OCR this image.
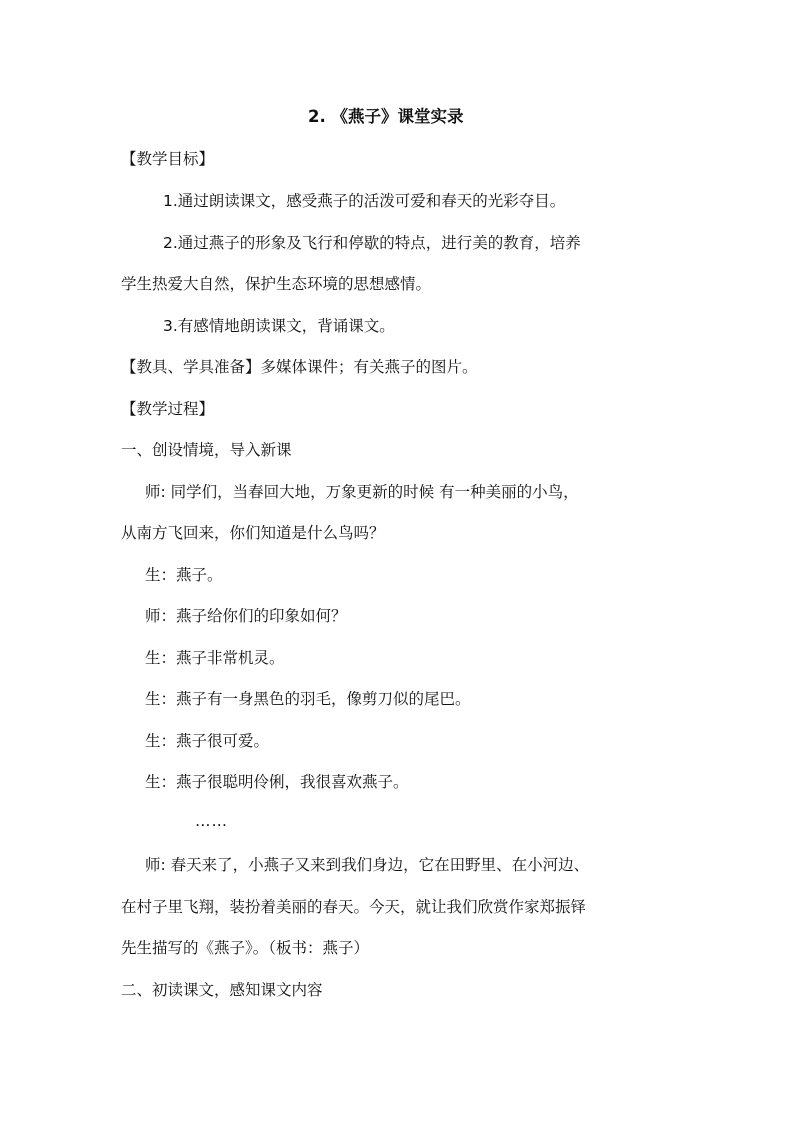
2. 《燕子》课堂实录
【教学目标】
1.通过朗读课文，感受燕子的活泼可爱和春天的光彩夺目。
2.通过燕子的形象及飞行和停歇的特点，进行美的教育，培养
学生热爱大自然，保护生态环境的思想感情。
3.有感情地朗读课文，背诵课文。
【教具、学具准备】多媒体课件；有关燕子的图片。
【教学过程】
一、创设情境，导入新课
师: 同学们，当春回大地，万象更新的时候 有一种美丽的小鸟，
从南方飞回来，你们知道是什么鸟吗？
生：燕子。
师：燕子给你们的印象如何？
生：燕子非常机灵。
生：燕子有一身黑色的羽毛，像剪刀似的尾巴。
生：燕子很可爱。
生：燕子很聪明伶俐，我很喜欢燕子。
……
师: 春天来了，小燕子又来到我们身边，它在田野里、在小河边、
在村子里飞翔，装扮着美丽的春天。今天，就让我们欣赏作家郑振铎
先生描写的《燕子》。（板书：燕子）
二、初读课文，感知课文内容
